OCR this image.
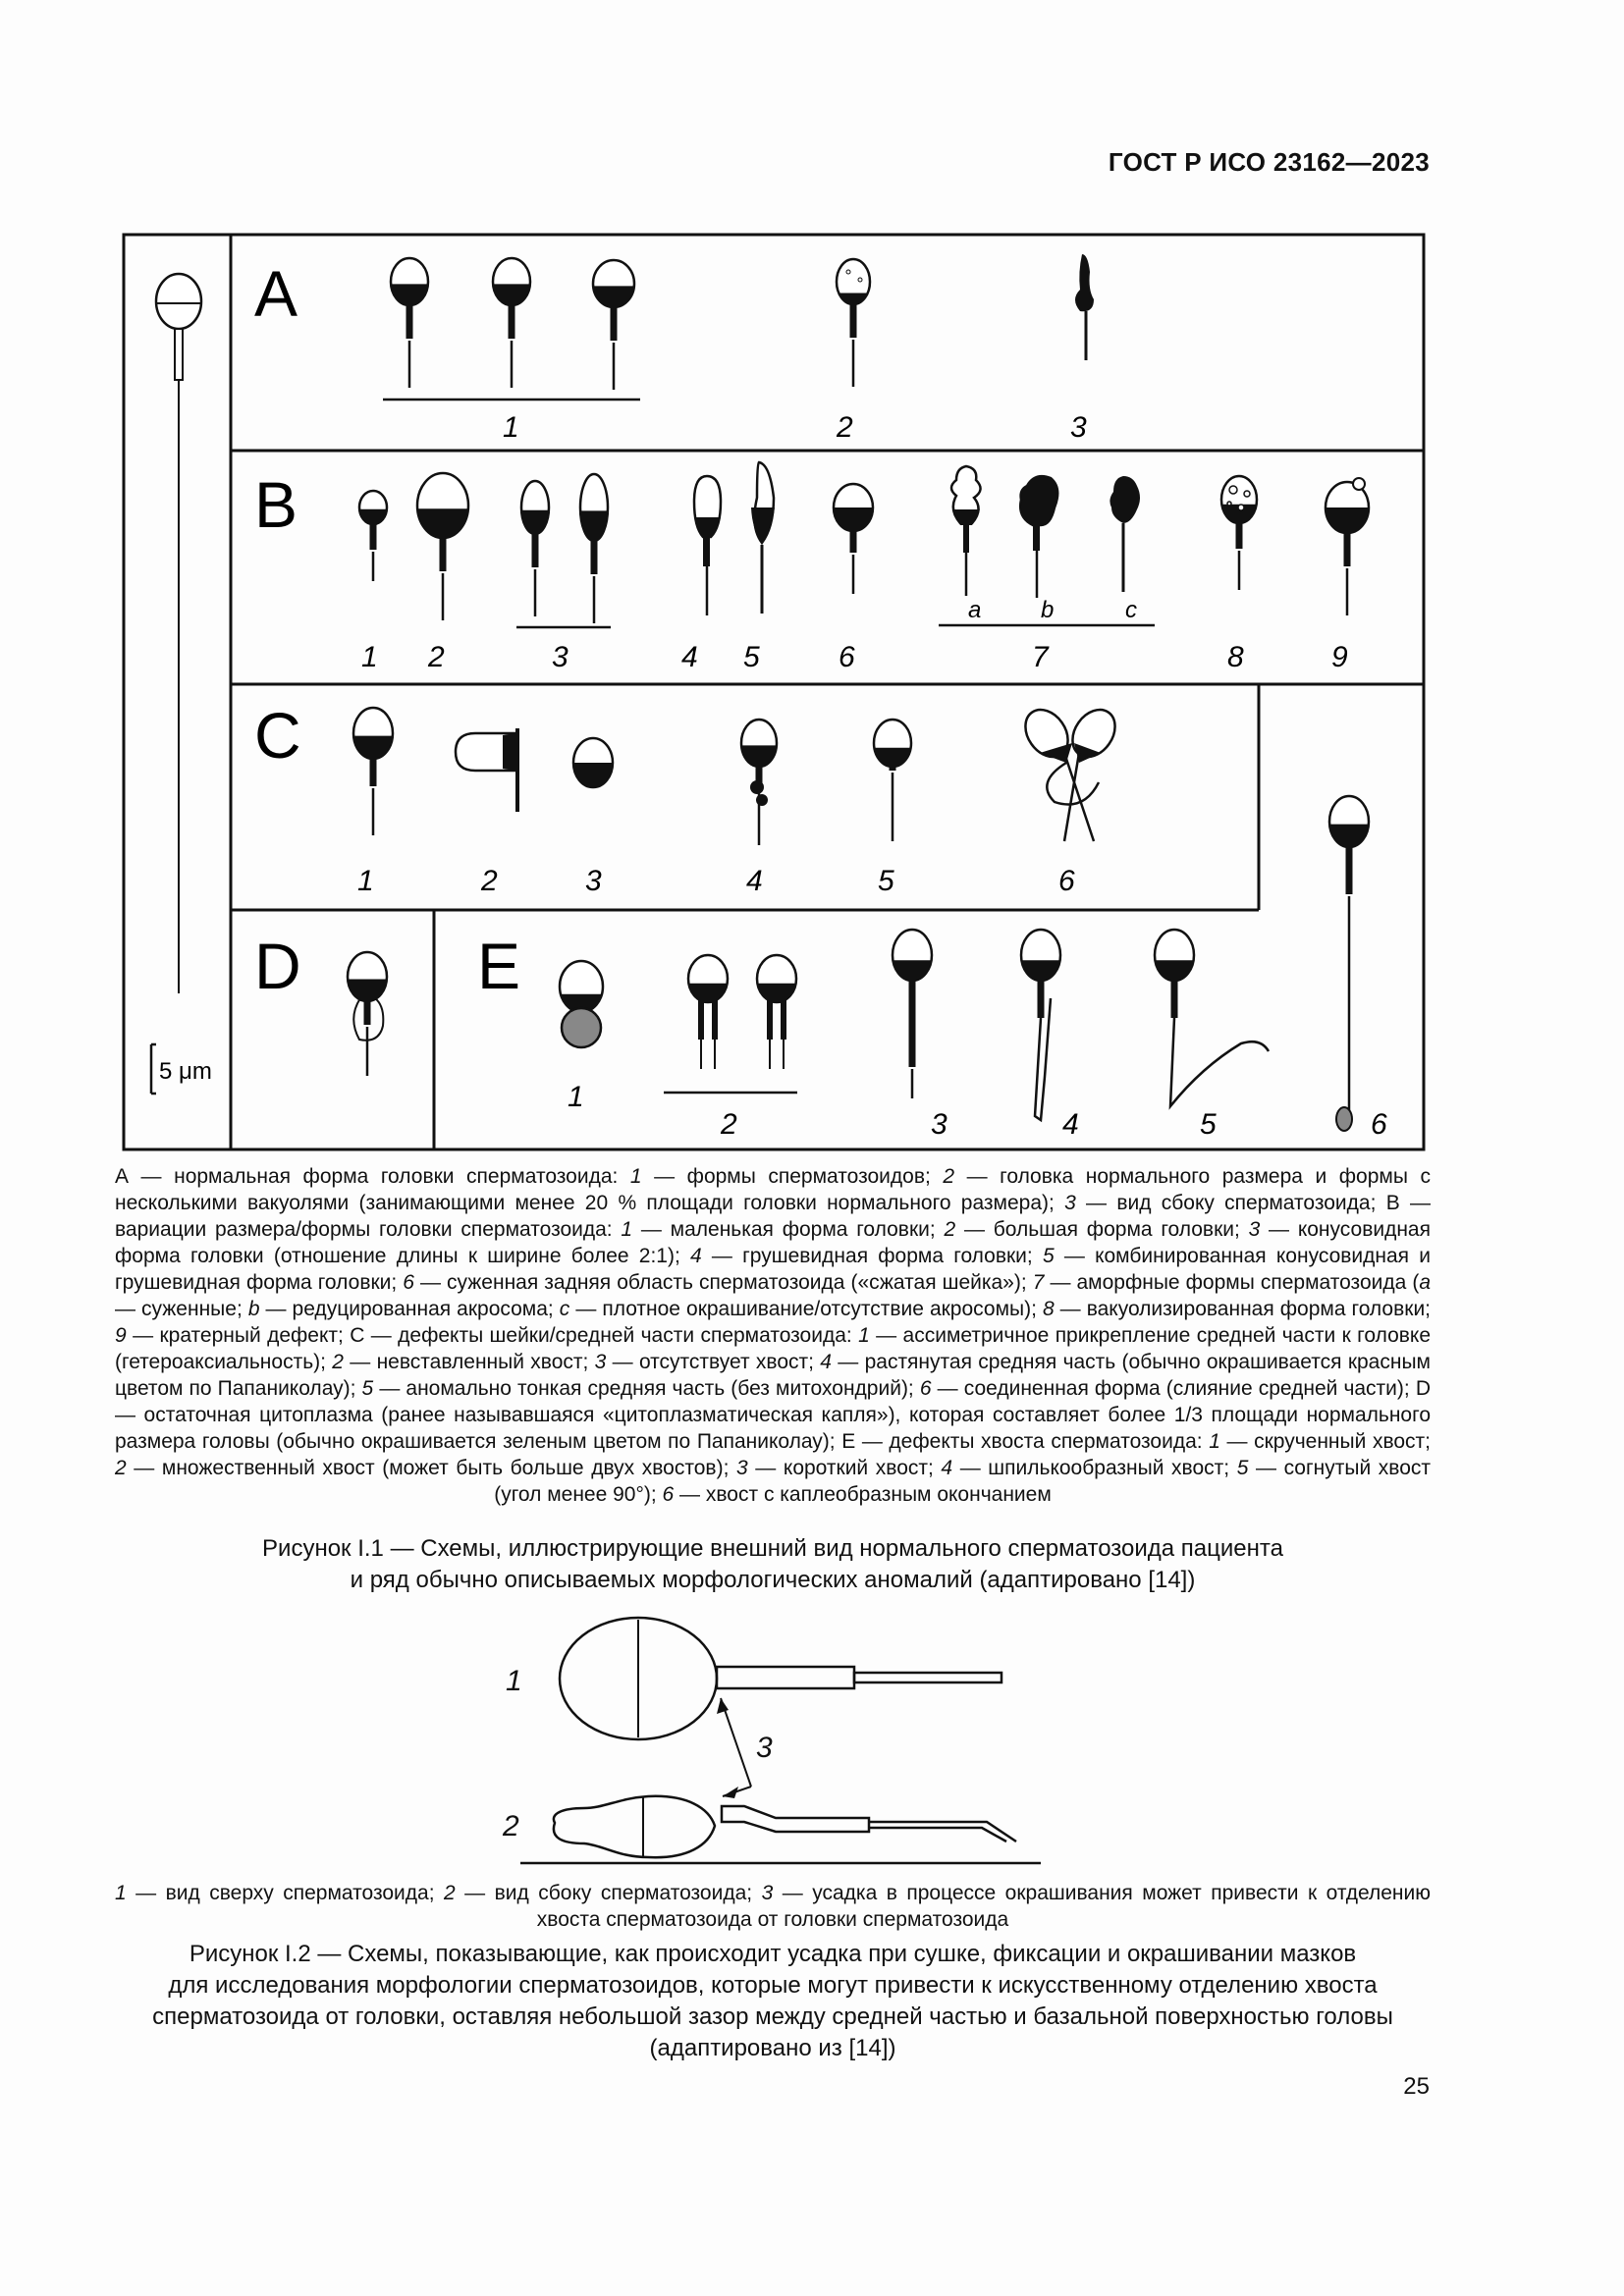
ГОСТ Р ИСО 23162—2023
5 μm
A
B
C
D	E
1	2	3
1 2	3	4 5	6	7	8	9
a	b	c
1	2	3	4	5	6
1
2	3	4	5	6
А — нормальная форма головки сперматозоида: 1 — формы сперматозоидов; 2 — головка нормального размера и формы с несколькими вакуолями (занимающими менее 20 % площади головки нормального размера); 3 — вид сбоку сперматозоида; В — вариации размера/формы головки сперматозоида: 1 — маленькая форма головки; 2 — большая форма головки; 3 — конусовидная форма головки (отношение длины к ширине более 2:1); 4 — грушевидная форма головки; 5 — комбинированная конусовидная и грушевидная форма головки; 6 — суженная задняя область сперматозоида («сжатая шейка»); 7 — аморфные формы сперматозоида (а — суженные; b — редуцированная акросома; с — плотное окрашивание/отсутствие акросомы); 8 — вакуолизированная форма головки; 9 — кратерный дефект; С — дефекты шейки/средней части сперматозоида: 1 — ассиметричное прикрепление средней части к головке (гетероаксиальность); 2 — невставленный хвост; 3 — отсутствует хвост; 4 — растянутая средняя часть (обычно окрашивается красным цветом по Папаниколау); 5 — аномально тонкая средняя часть (без митохондрий); 6 — соединенная форма (слияние средней части); D — остаточная цитоплазма (ранее называвшаяся «цитоплазматическая капля»), которая составляет более 1/3 площади нормального размера головы (обычно окрашивается зеленым цветом по Папаниколау); Е — дефекты хвоста сперматозоида: 1 — скрученный хвост; 2 — множественный хвост (может быть больше двух хвостов); 3 — короткий хвост; 4 — шпилькообразный хвост; 5 — согнутый хвост (угол менее 90°); 6 — хвост с каплеобразным окончанием
Рисунок I.1 — Схемы, иллюстрирующие внешний вид нормального сперматозоида пациента
и ряд обычно описываемых морфологических аномалий (адаптировано [14])
1
2
3
1 — вид сверху сперматозоида; 2 — вид сбоку сперматозоида; 3 — усадка в процессе окрашивания может привести к отделению хвоста сперматозоида от головки сперматозоида
Рисунок I.2 — Схемы, показывающие, как происходит усадка при сушке, фиксации и окрашивании мазков
для исследования морфологии сперматозоидов, которые могут привести к искусственному отделению хвоста
сперматозоида от головки, оставляя небольшой зазор между средней частью и базальной поверхностью головы
(адаптировано из [14])
25
